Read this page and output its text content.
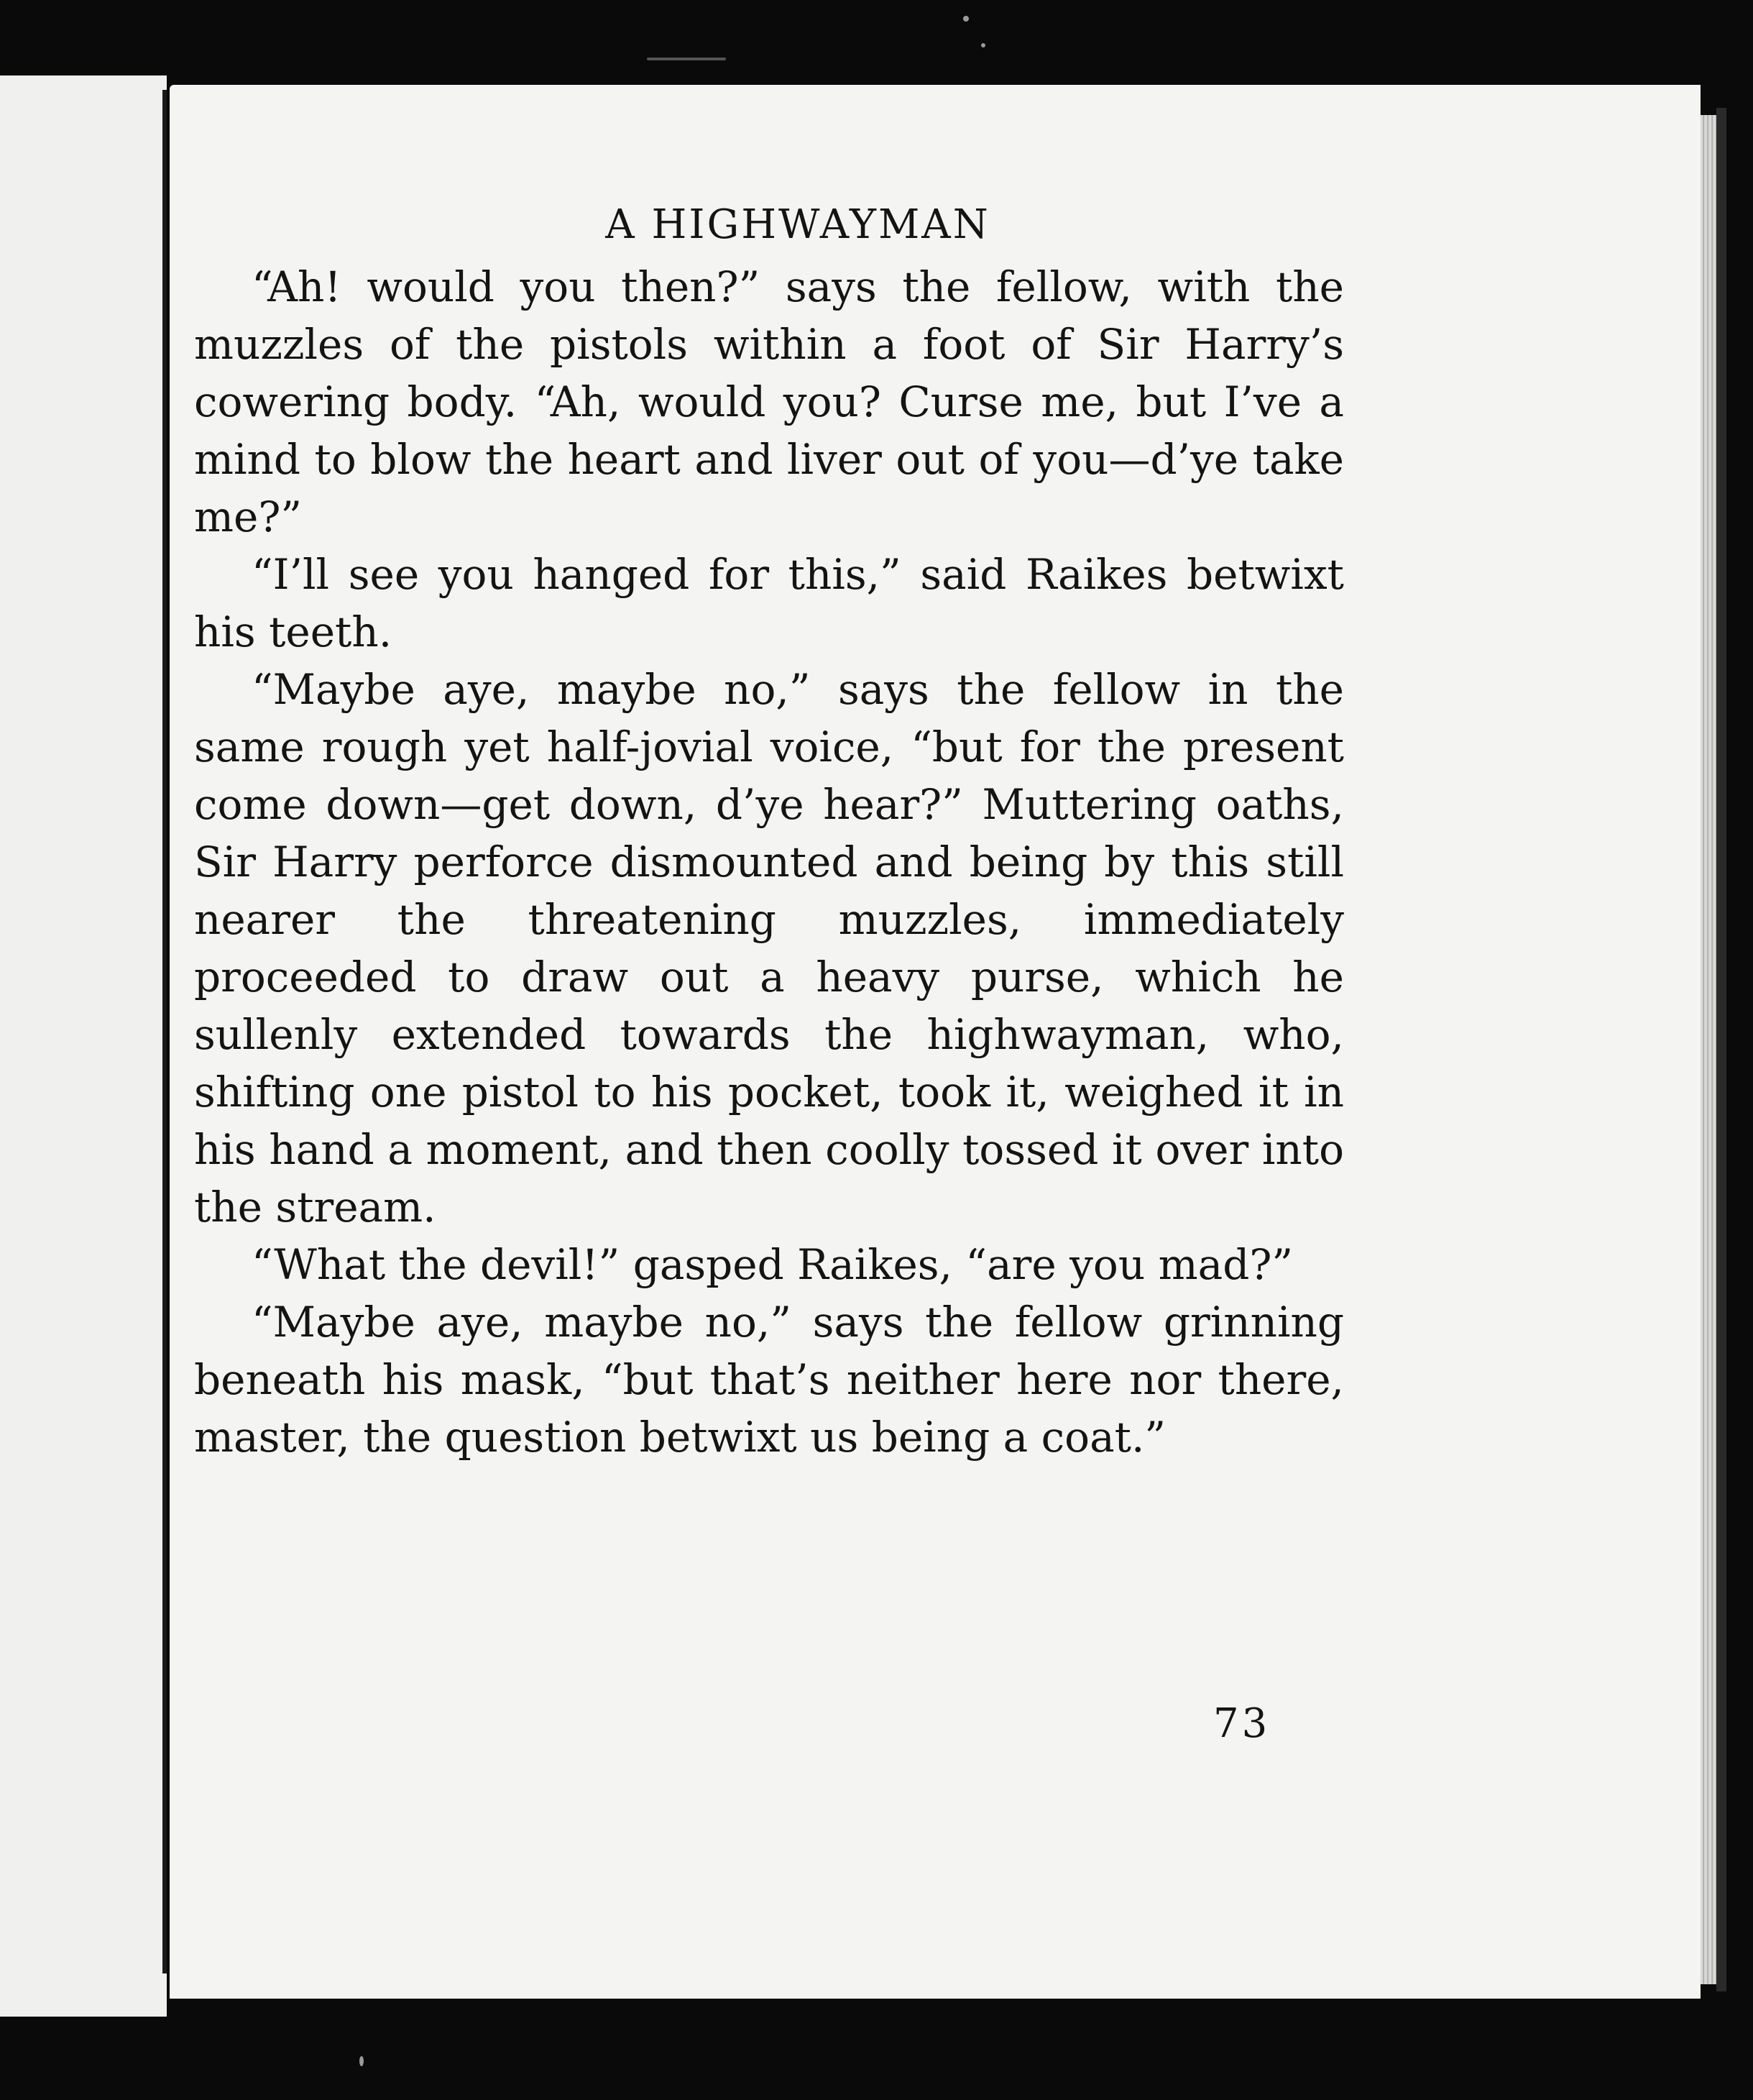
A HIGHWAYMAN

“Ah! would you then?” says the fellow, with the muzzles of the pistols within a foot of Sir Harry’s cowering body. “Ah, would you? Curse me, but I’ve a mind to blow the heart and liver out of you—d’ye take me?”

“I’ll see you hanged for this,” said Raikes betwixt his teeth.

“Maybe aye, maybe no,” says the fellow in the same rough yet half-jovial voice, “but for the present come down—get down, d’ye hear?” Muttering oaths, Sir Harry perforce dismounted and being by this still nearer the threatening muzzles, immediately proceeded to draw out a heavy purse, which he sullenly extended towards the highwayman, who, shifting one pistol to his pocket, took it, weighed it in his hand a moment, and then coolly tossed it over into the stream.

“What the devil!” gasped Raikes, “are you mad?”

“Maybe aye, maybe no,” says the fellow grinning beneath his mask, “but that’s neither here nor there, master, the question betwixt us being a coat.”

73
